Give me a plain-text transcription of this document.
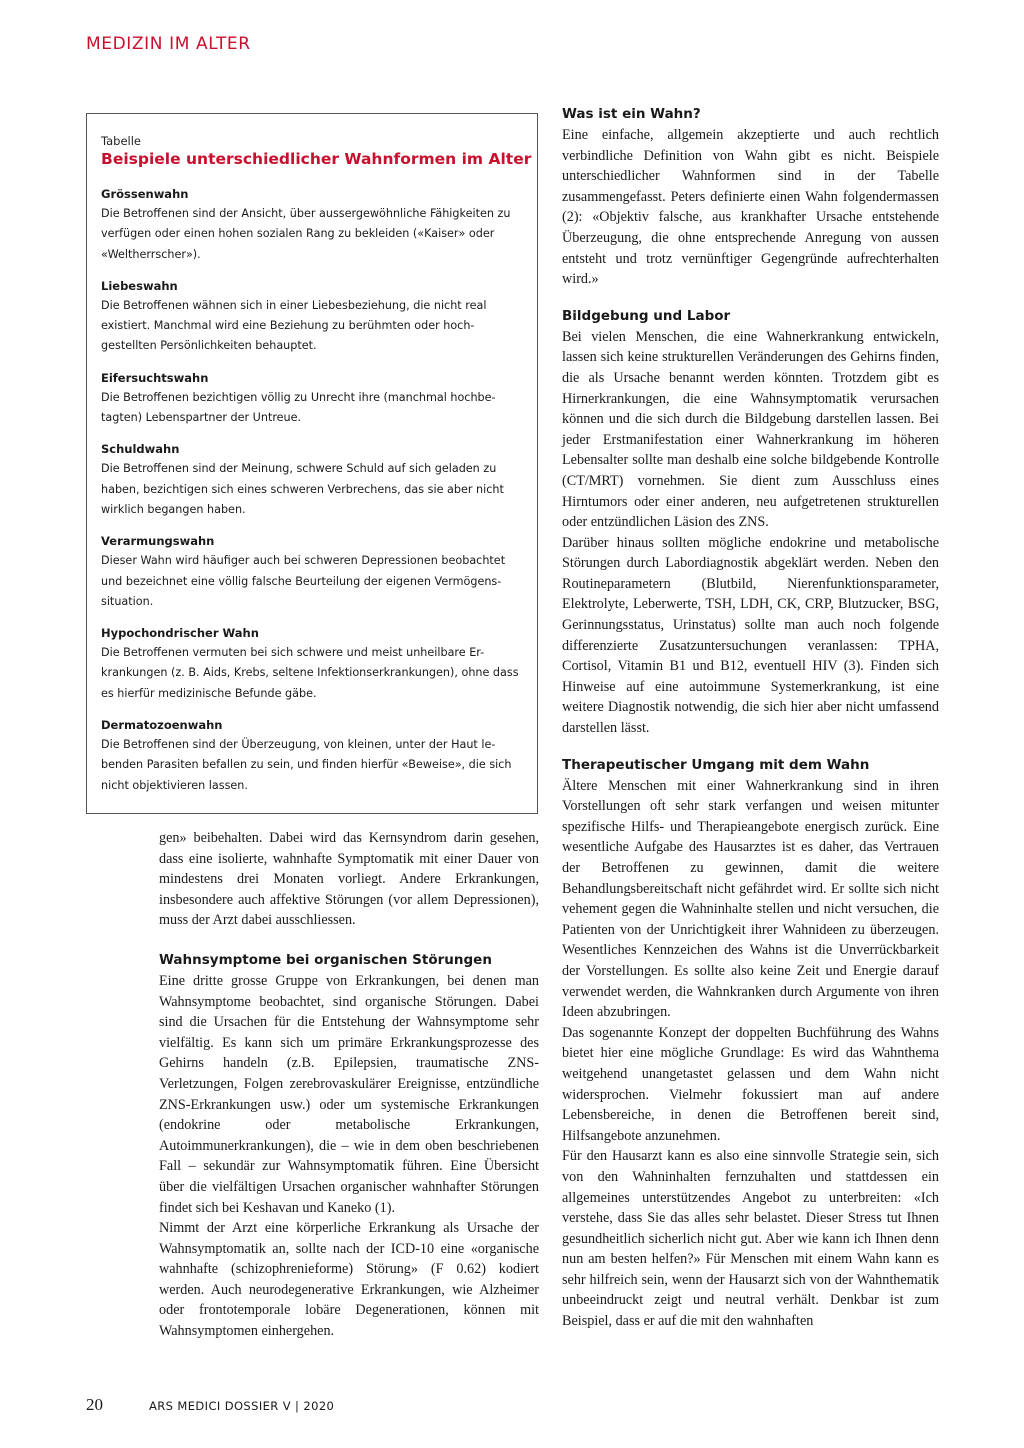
MEDIZIN IM ALTER
Tabelle
Beispiele unterschiedlicher Wahnformen im Alter
Grössenwahn
Die Betroffenen sind der Ansicht, über aussergewöhnliche Fähigkeiten zu verfügen oder einen hohen sozialen Rang zu bekleiden («Kaiser» oder «Weltherrscher»).
Liebeswahn
Die Betroffenen wähnen sich in einer Liebesbeziehung, die nicht real existiert. Manchmal wird eine Beziehung zu berühmten oder hoch-gestellten Persönlichkeiten behauptet.
Eifersuchtswahn
Die Betroffenen bezichtigen völlig zu Unrecht ihre (manchmal hochbe-tagten) Lebenspartner der Untreue.
Schuldwahn
Die Betroffenen sind der Meinung, schwere Schuld auf sich geladen zu haben, bezichtigen sich eines schweren Verbrechens, das sie aber nicht wirklich begangen haben.
Verarmungswahn
Dieser Wahn wird häufiger auch bei schweren Depressionen beobachtet und bezeichnet eine völlig falsche Beurteilung der eigenen Vermögens-situation.
Hypochondrischer Wahn
Die Betroffenen vermuten bei sich schwere und meist unheilbare Er-krankungen (z. B. Aids, Krebs, seltene Infektionserkrankungen), ohne dass es hierfür medizinische Befunde gäbe.
Dermatozoenwahn
Die Betroffenen sind der Überzeugung, von kleinen, unter der Haut le-benden Parasiten befallen zu sein, und finden hierfür «Beweise», die sich nicht objektivieren lassen.

gen» beibehalten. Dabei wird das Kernsyndrom darin gesehen, dass eine isolierte, wahnhafte Symptomatik mit einer Dauer von mindestens drei Monaten vorliegt. Andere Erkrankungen, insbesondere auch affektive Störungen (vor allem Depressionen), muss der Arzt dabei ausschliessen.

Wahnsymptome bei organischen Störungen

Eine dritte grosse Gruppe von Erkrankungen, bei denen man Wahnsymptome beobachtet, sind organische Störungen. Dabei sind die Ursachen für die Entstehung der Wahnsymptome sehr vielfältig. Es kann sich um primäre Erkrankungsprozesse des Gehirns handeln (z.B. Epilepsien, traumatische ZNS-Verletzungen, Folgen zerebrovaskulärer Ereignisse, entzündliche ZNS-Erkrankungen usw.) oder um systemische Erkrankungen (endokrine oder metabolische Erkrankungen, Autoimmunerkrankungen), die – wie in dem oben beschriebenen Fall – sekundär zur Wahnsymptomatik führen. Eine Übersicht über die vielfältigen Ursachen organischer wahnhafter Störungen findet sich bei Keshavan und Kaneko (1).

Nimmt der Arzt eine körperliche Erkrankung als Ursache der Wahnsymptomatik an, sollte nach der ICD-10 eine «organische wahnhafte (schizophrenieforme) Störung» (F 0.62) kodiert werden. Auch neurodegenerative Erkrankungen, wie Alzheimer oder frontotemporale lobäre Degenerationen, können mit Wahnsymptomen einhergehen.

Was ist ein Wahn?

Eine einfache, allgemein akzeptierte und auch rechtlich verbindliche Definition von Wahn gibt es nicht. Beispiele unterschiedlicher Wahnformen sind in der Tabelle zusammengefasst. Peters definierte einen Wahn folgendermassen (2): «Objektiv falsche, aus krankhafter Ursache entstehende Überzeugung, die ohne entsprechende Anregung von aussen entsteht und trotz vernünftiger Gegengründe aufrechterhalten wird.»

Bildgebung und Labor

Bei vielen Menschen, die eine Wahnerkrankung entwickeln, lassen sich keine strukturellen Veränderungen des Gehirns finden, die als Ursache benannt werden könnten. Trotzdem gibt es Hirnerkrankungen, die eine Wahnsymptomatik verursachen können und die sich durch die Bildgebung darstellen lassen. Bei jeder Erstmanifestation einer Wahnerkrankung im höheren Lebensalter sollte man deshalb eine solche bildgebende Kontrolle (CT/MRT) vornehmen. Sie dient zum Ausschluss eines Hirntumors oder einer anderen, neu aufgetretenen strukturellen oder entzündlichen Läsion des ZNS.

Darüber hinaus sollten mögliche endokrine und metabolische Störungen durch Labordiagnostik abgeklärt werden. Neben den Routineparametern (Blutbild, Nierenfunktionsparameter, Elektrolyte, Leberwerte, TSH, LDH, CK, CRP, Blutzucker, BSG, Gerinnungsstatus, Urinstatus) sollte man auch noch folgende differenzierte Zusatzuntersuchungen veranlassen: TPHA, Cortisol, Vitamin B1 und B12, eventuell HIV (3). Finden sich Hinweise auf eine autoimmune Systemerkrankung, ist eine weitere Diagnostik notwendig, die sich hier aber nicht umfassend darstellen lässt.

Therapeutischer Umgang mit dem Wahn

Ältere Menschen mit einer Wahnerkrankung sind in ihren Vorstellungen oft sehr stark verfangen und weisen mitunter spezifische Hilfs- und Therapieangebote energisch zurück. Eine wesentliche Aufgabe des Hausarztes ist es daher, das Vertrauen der Betroffenen zu gewinnen, damit die weitere Behandlungsbereitschaft nicht gefährdet wird. Er sollte sich nicht vehement gegen die Wahninhalte stellen und nicht versuchen, die Patienten von der Unrichtigkeit ihrer Wahnideen zu überzeugen. Wesentliches Kennzeichen des Wahns ist die Unverrückbarkeit der Vorstellungen. Es sollte also keine Zeit und Energie darauf verwendet werden, die Wahnkranken durch Argumente von ihren Ideen abzubringen.

Das sogenannte Konzept der doppelten Buchführung des Wahns bietet hier eine mögliche Grundlage: Es wird das Wahnthema weitgehend unangetastet gelassen und dem Wahn nicht widersprochen. Vielmehr fokussiert man auf andere Lebensbereiche, in denen die Betroffenen bereit sind, Hilfsangebote anzunehmen.

Für den Hausarzt kann es also eine sinnvolle Strategie sein, sich von den Wahninhalten fernzuhalten und stattdessen ein allgemeines unterstützendes Angebot zu unterbreiten: «Ich verstehe, dass Sie das alles sehr belastet. Dieser Stress tut Ihnen gesundheitlich sicherlich nicht gut. Aber wie kann ich Ihnen denn nun am besten helfen?» Für Menschen mit einem Wahn kann es sehr hilfreich sein, wenn der Hausarzt sich von der Wahnthematik unbeeindruckt zeigt und neutral verhält. Denkbar ist zum Beispiel, dass er auf die mit den wahnhaften

20	ARS MEDICI DOSSIER V | 2020
